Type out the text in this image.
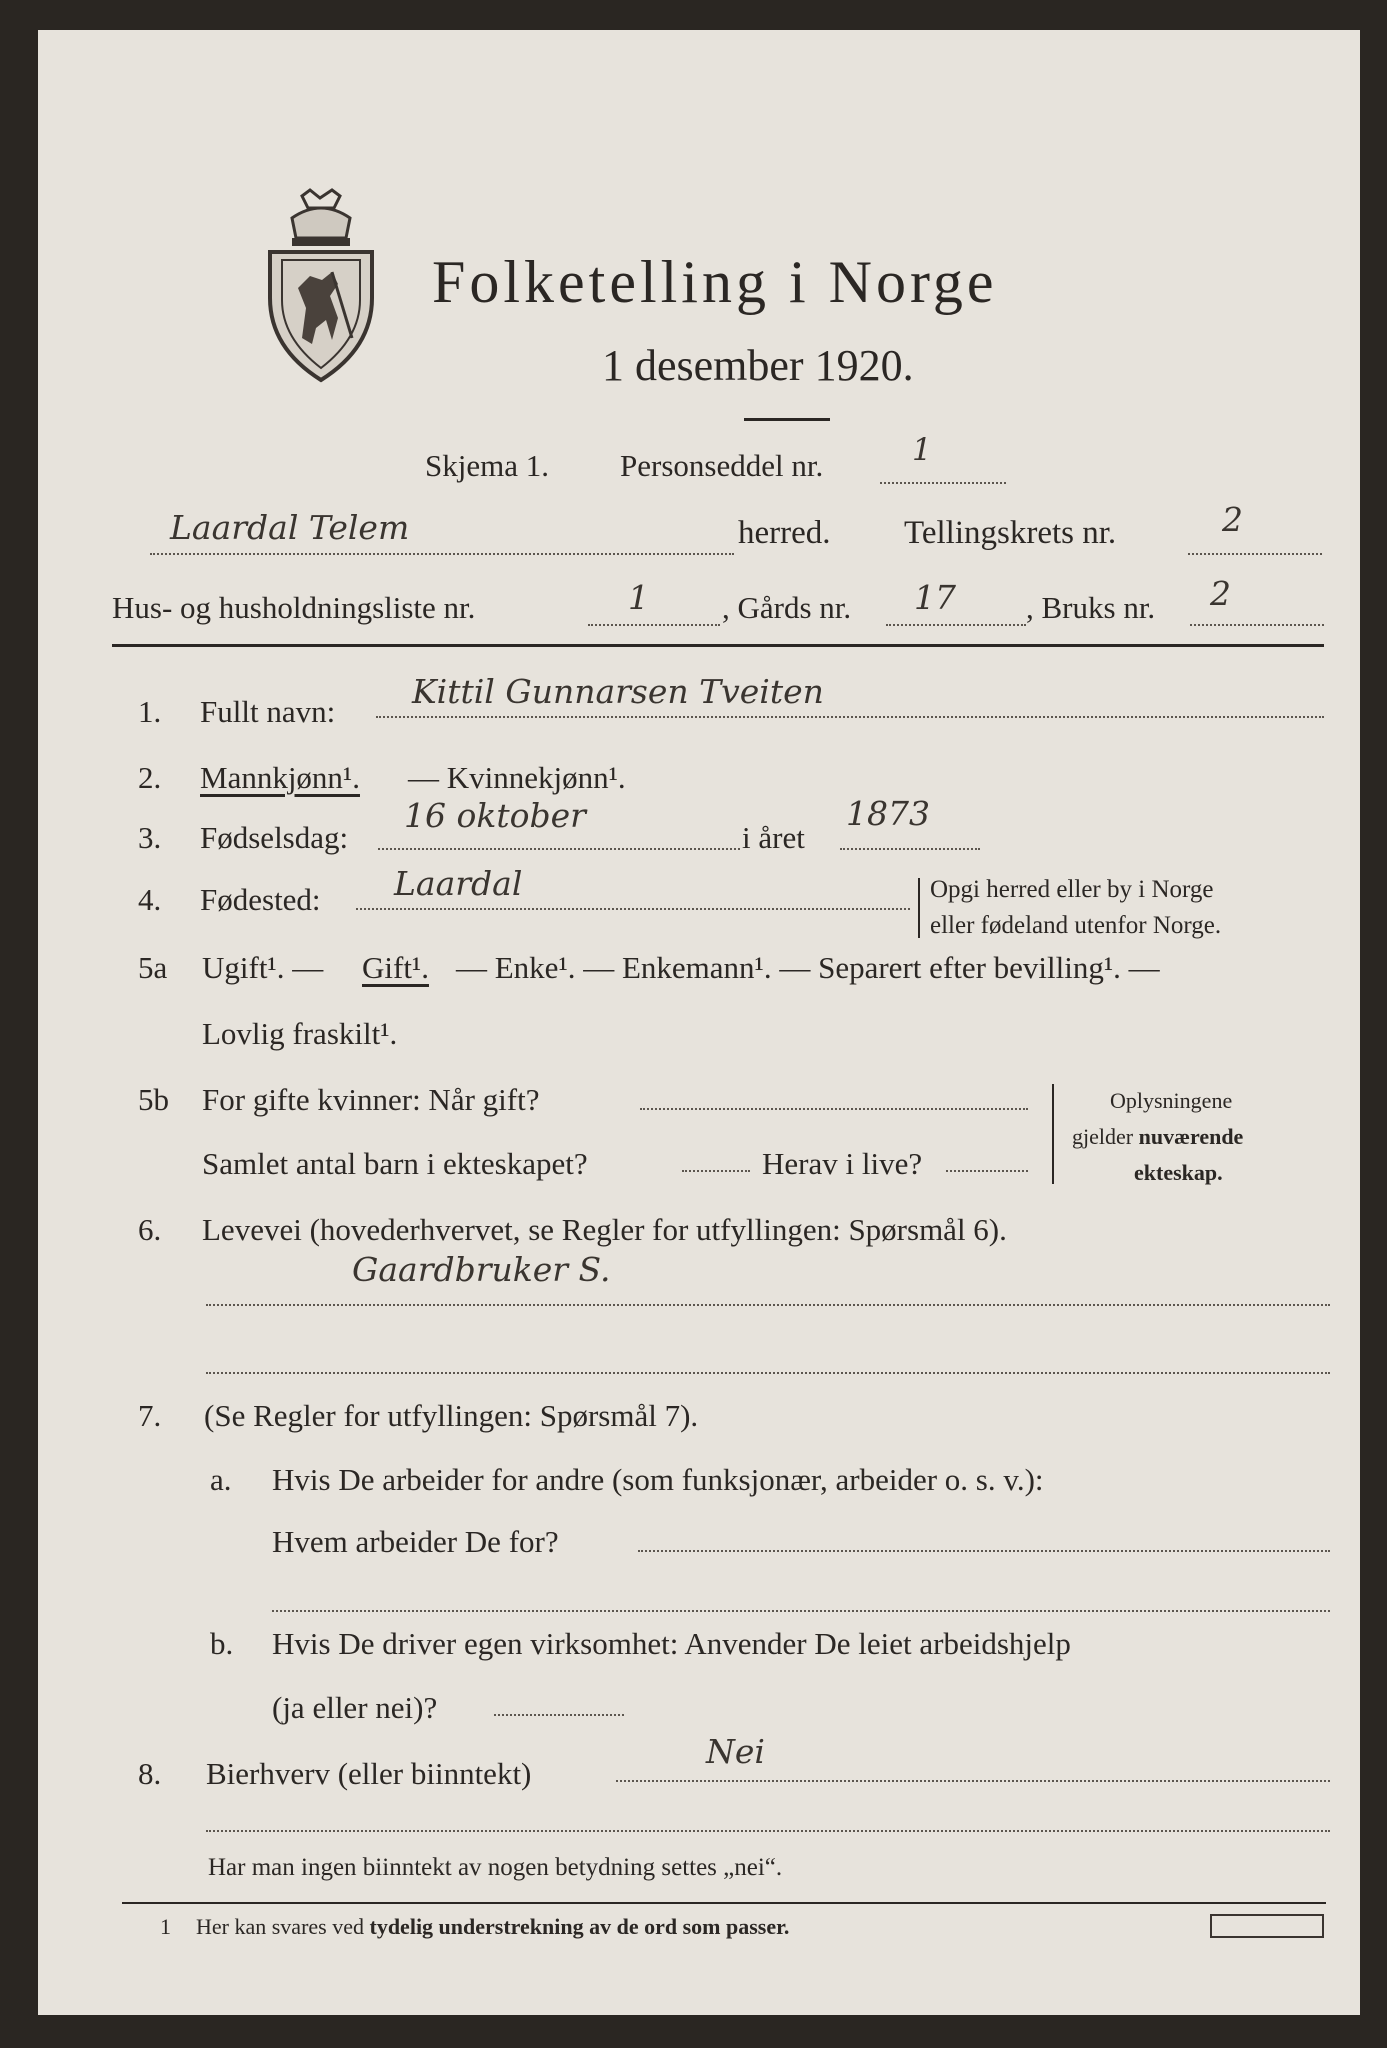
Folketelling i Norge
1 desember 1920.
Skjema 1. Personseddel nr.	1
Laardal Telem	herred. Tellingskrets nr.	2
Hus- og husholdningsliste nr.	1 , Gårds nr. 17 , Bruks nr. 2
1. Fullt navn:
Kittil Gunnarsen Tveiten
2. Mannkjønn¹. — Kvinnekjønn¹.
3. Fødselsdag:
16 oktober
i året
1873
4. Fødested: Laardal	Opgi herred eller by i Norge
eller fødeland utenfor Norge.
5a Ugift¹. — Gift¹. — Enke¹. — Enkemann¹. — Separert efter bevilling¹. —
Lovlig fraskilt¹.
5b For gifte kvinner: Når gift?
Samlet antal barn i ekteskapet?	Herav i live?
Oplysningene
gjelder nuværende
ekteskap.
6. Levevei (hovederhvervet, se Regler for utfyllingen: Spørsmål 6).
Gaardbruker S.
7. (Se Regler for utfyllingen: Spørsmål 7).
a. Hvis De arbeider for andre (som funksjonær, arbeider o. s. v.):
Hvem arbeider De for?
b. Hvis De driver egen virksomhet: Anvender De leiet arbeidshjelp
(ja eller nei)?
8. Bierhverv (eller biinntekt)
Nei
Har man ingen biinntekt av nogen betydning settes „nei“.
1 Her kan svares ved tydelig understrekning av de ord som passer.
